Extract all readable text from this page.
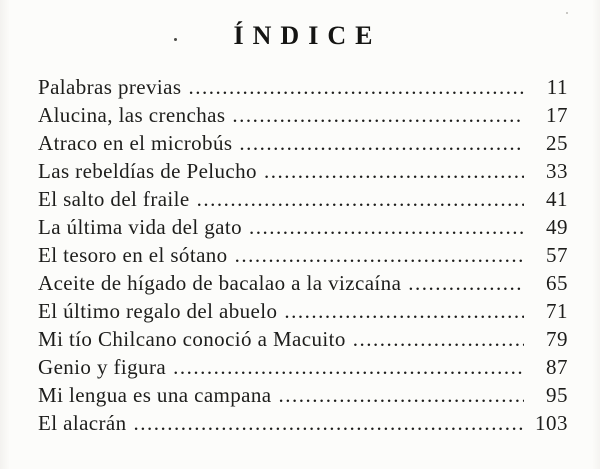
ÍNDICE
Palabras previas .....	11
Alucina, las crenchas .....	17
Atraco en el microbús .....	25
Las rebeldías de Pelucho .....	33
El salto del fraile .....	41
La última vida del gato .....	49
El tesoro en el sótano .....	57
Aceite de hígado de bacalao a la vizcaína .....	65
El último regalo del abuelo .....	71
Mi tío Chilcano conoció a Macuito .....	79
Genio y figura .....	87
Mi lengua es una campana .....	95
El alacrán .....	103
